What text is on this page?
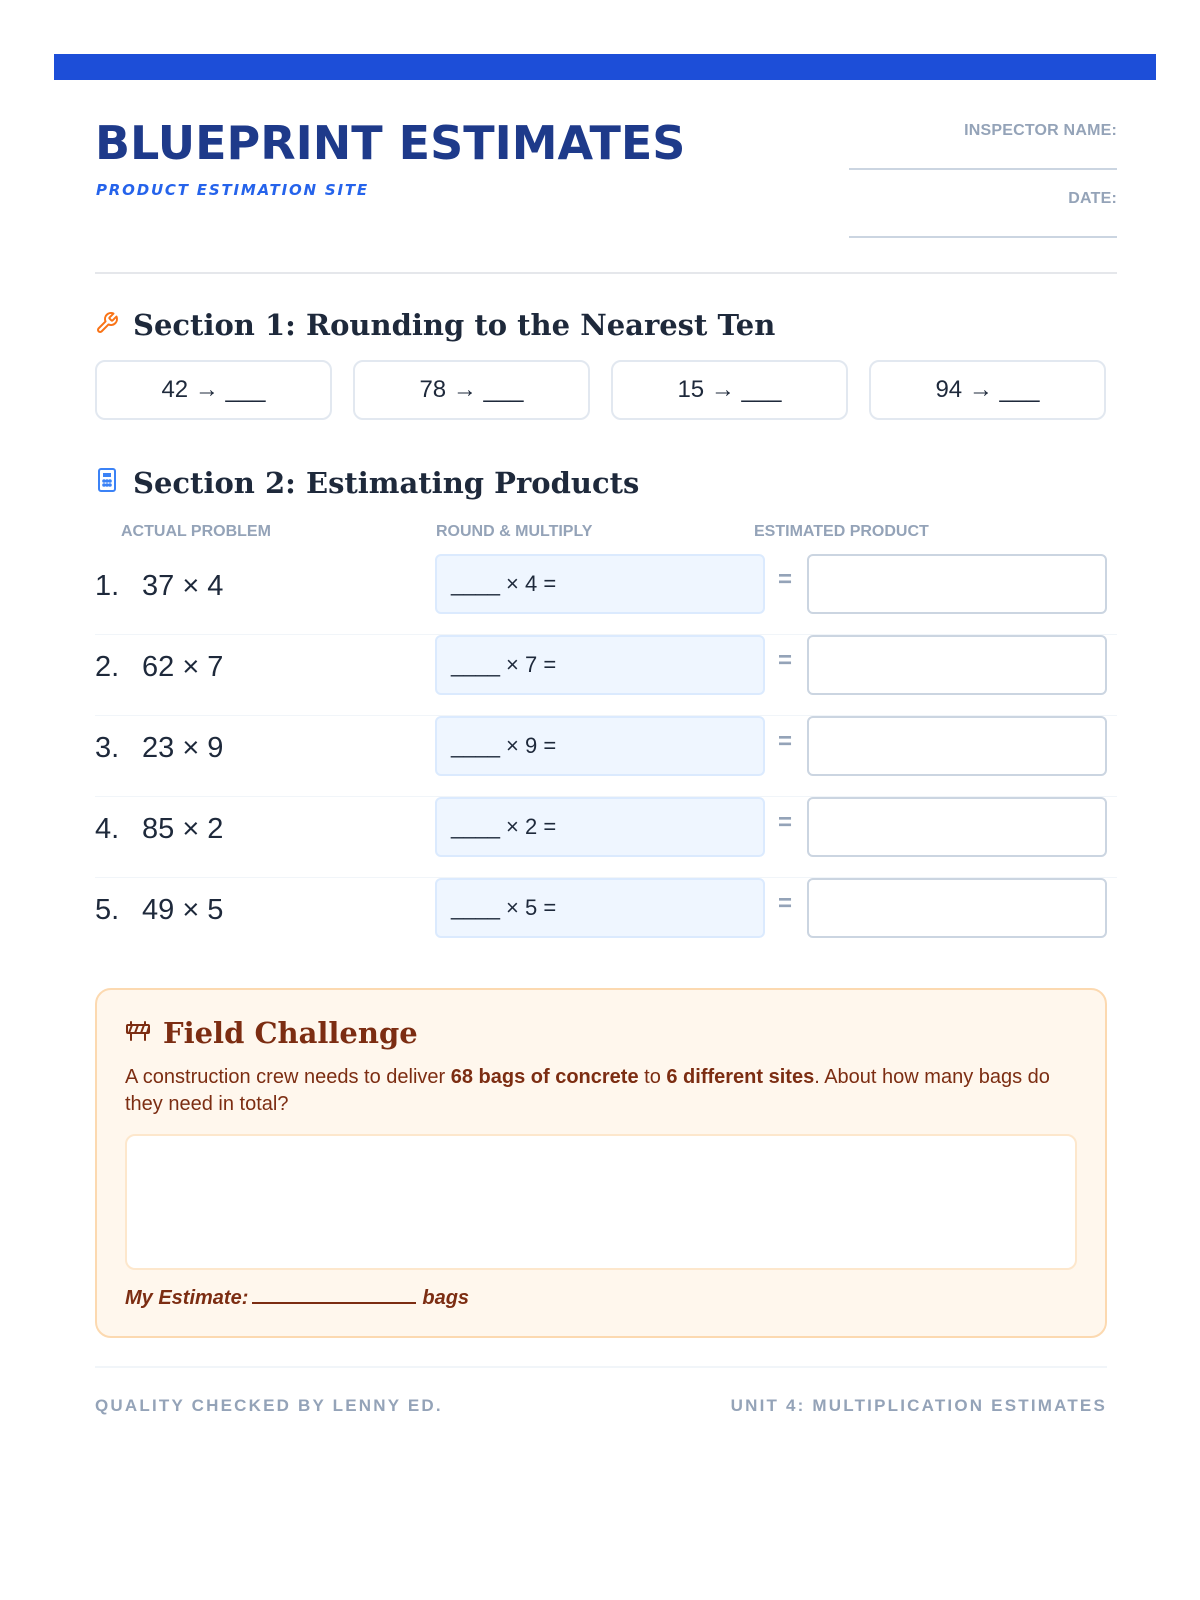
BLUEPRINT ESTIMATES
PRODUCT ESTIMATION SITE
INSPECTOR NAME:
DATE:
Section 1: Rounding to the Nearest Ten
42 → ___	78 → ___	15 → ___	94 → ___
Section 2: Estimating Products
ACTUAL PROBLEM	ROUND & MULTIPLY	ESTIMATED PRODUCT
1. 37 × 4	____ × 4 =	=
2. 62 × 7	____ × 7 =	=
3. 23 × 9	____ × 9 =	=
4. 85 × 2	____ × 2 =	=
5. 49 × 5	____ × 5 =	=
Field Challenge
A construction crew needs to deliver 68 bags of concrete to 6 different sites. About how many bags do they need in total?
My Estimate:	bags
QUALITY CHECKED BY LENNY ED.	UNIT 4: MULTIPLICATION ESTIMATES
